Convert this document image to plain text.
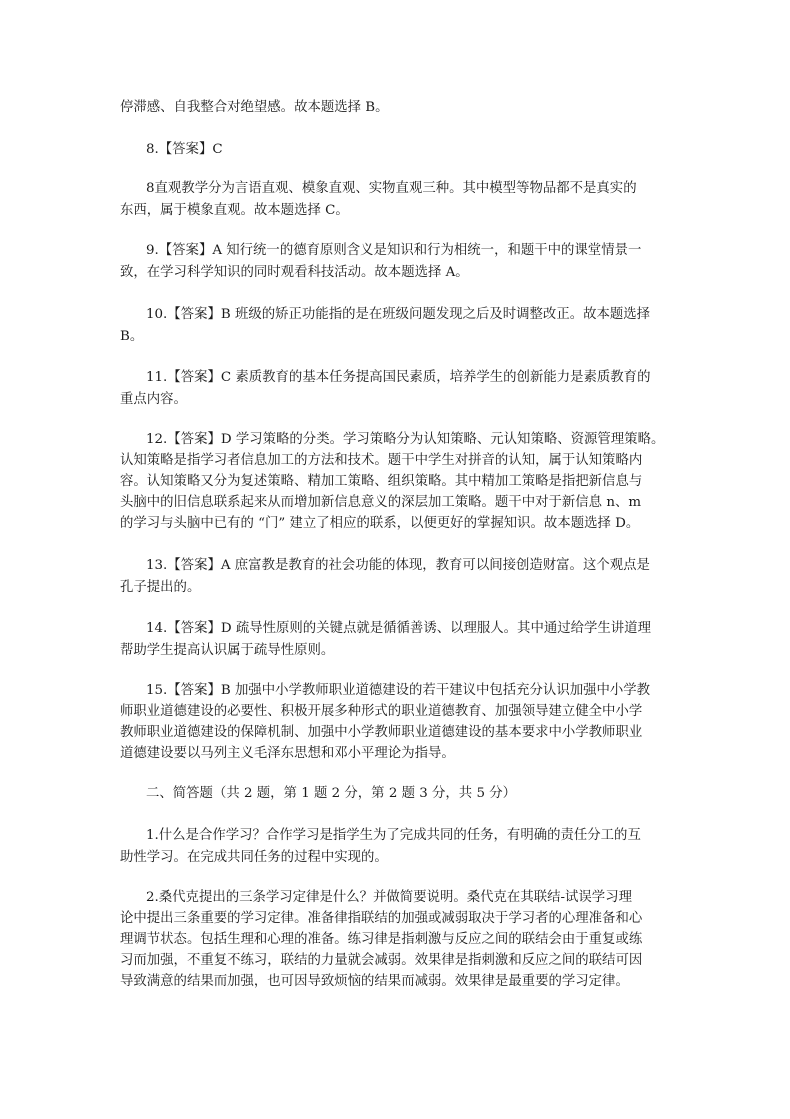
停滞感、自我整合对绝望感。故本题选择 B。
8.【答案】C
8直观教学分为言语直观、模象直观、实物直观三种。其中模型等物品都不是真实的
东西，属于模象直观。故本题选择 C。
9.【答案】A 知行统一的德育原则含义是知识和行为相统一，和题干中的课堂情景一
致，在学习科学知识的同时观看科技活动。故本题选择 A。
10.【答案】B 班级的矫正功能指的是在班级问题发现之后及时调整改正。故本题选择
B。
11.【答案】C 素质教育的基本任务提高国民素质，培养学生的创新能力是素质教育的
重点内容。
12.【答案】D 学习策略的分类。学习策略分为认知策略、元认知策略、资源管理策略。
认知策略是指学习者信息加工的方法和技术。题干中学生对拼音的认知，属于认知策略内
容。认知策略又分为复述策略、精加工策略、组织策略。其中精加工策略是指把新信息与
头脑中的旧信息联系起来从而增加新信息意义的深层加工策略。题干中对于新信息 n、m
的学习与头脑中已有的 “门” 建立了相应的联系，以便更好的掌握知识。故本题选择 D。
13.【答案】A 庶富教是教育的社会功能的体现，教育可以间接创造财富。这个观点是
孔子提出的。
14.【答案】D 疏导性原则的关键点就是循循善诱、以理服人。其中通过给学生讲道理
帮助学生提高认识属于疏导性原则。
15.【答案】B 加强中小学教师职业道德建设的若干建议中包括充分认识加强中小学教
师职业道德建设的必要性、积极开展多种形式的职业道德教育、加强领导建立健全中小学
教师职业道德建设的保障机制、加强中小学教师职业道德建设的基本要求中小学教师职业
道德建设要以马列主义毛泽东思想和邓小平理论为指导。
二、简答题（共 2 题，第 1 题 2 分，第 2 题 3 分，共 5 分）
1.什么是合作学习？合作学习是指学生为了完成共同的任务，有明确的责任分工的互
助性学习。在完成共同任务的过程中实现的。
2.桑代克提出的三条学习定律是什么？并做简要说明。桑代克在其联结-试误学习理
论中提出三条重要的学习定律。准备律指联结的加强或减弱取决于学习者的心理准备和心
理调节状态。包括生理和心理的准备。练习律是指刺激与反应之间的联结会由于重复或练
习而加强，不重复不练习，联结的力量就会减弱。效果律是指刺激和反应之间的联结可因
导致满意的结果而加强，也可因导致烦恼的结果而减弱。效果律是最重要的学习定律。
